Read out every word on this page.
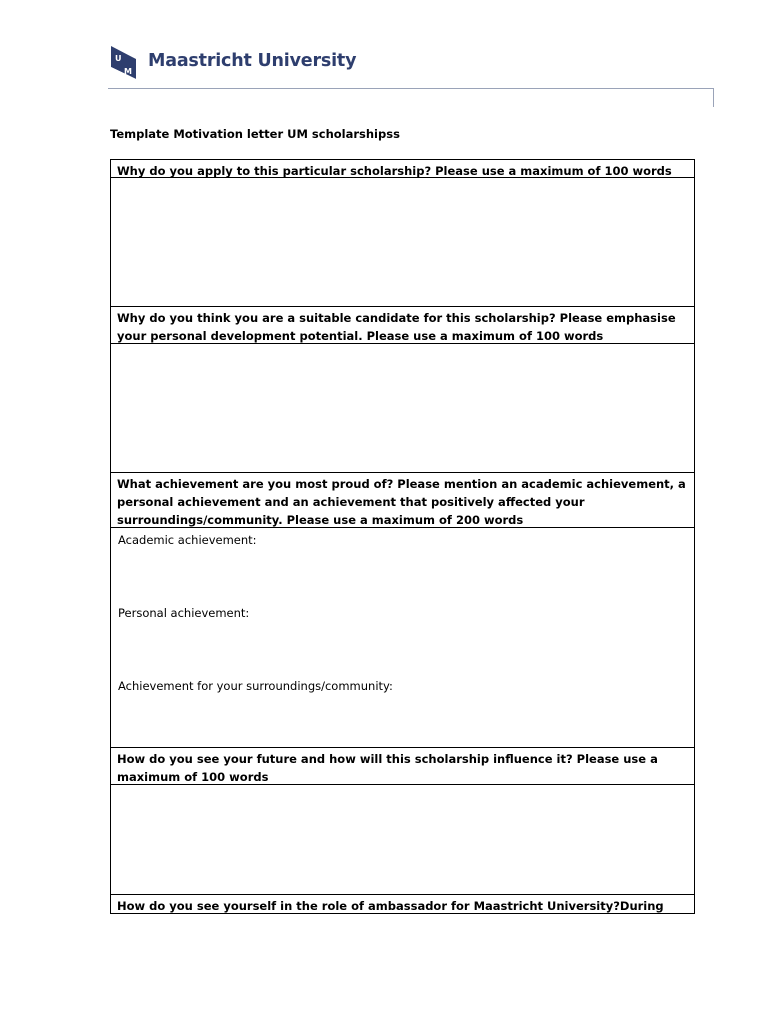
U
M
Maastricht University
Template Motivation letter UM scholarshipss
Why do you apply to this particular scholarship? Please use a maximum of 100 words
Why do you think you are a suitable candidate for this scholarship? Please emphasise your personal development potential. Please use a maximum of 100 words
What achievement are you most proud of? Please mention an academic achievement, a personal achievement and an achievement that positively affected your surroundings/community. Please use a maximum of 200 words
Academic achievement:
Personal achievement:
Achievement for your surroundings/community:
How do you see your future and how will this scholarship influence it? Please use a maximum of 100 words
How do you see yourself in the role of ambassador for Maastricht University?During
